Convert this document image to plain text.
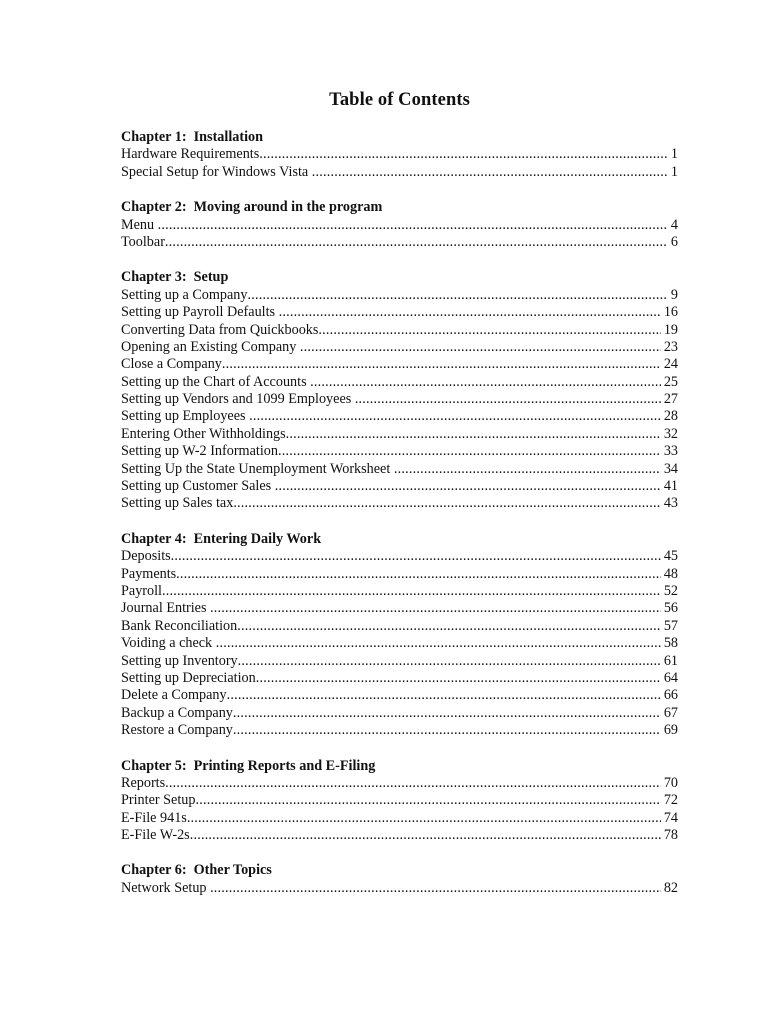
Table of Contents
Chapter 1:  Installation
Hardware Requirements .....	1
Special Setup for Windows Vista .....	1
Chapter 2:  Moving around in the program
Menu .....	4
Toolbar .....	6
Chapter 3:  Setup
Setting up a Company .....	9
Setting up Payroll Defaults .....	16
Converting Data from Quickbooks .....	19
Opening an Existing Company .....	23
Close a Company .....	24
Setting up the Chart of Accounts .....	25
Setting up Vendors and 1099 Employees .....	27
Setting up Employees .....	28
Entering Other Withholdings .....	32
Setting up W-2 Information .....	33
Setting Up the State Unemployment Worksheet .....	34
Setting up Customer Sales .....	41
Setting up Sales tax .....	43
Chapter 4:  Entering Daily Work
Deposits .....	45
Payments .....	48
Payroll .....	52
Journal Entries .....	56
Bank Reconciliation .....	57
Voiding a check .....	58
Setting up Inventory .....	61
Setting up Depreciation .....	64
Delete a Company .....	66
Backup a Company .....	67
Restore a Company .....	69
Chapter 5:  Printing Reports and E-Filing
Reports .....	70
Printer Setup .....	72
E-File 941s .....	74
E-File W-2s .....	78
Chapter 6:  Other Topics
Network Setup .....	82
